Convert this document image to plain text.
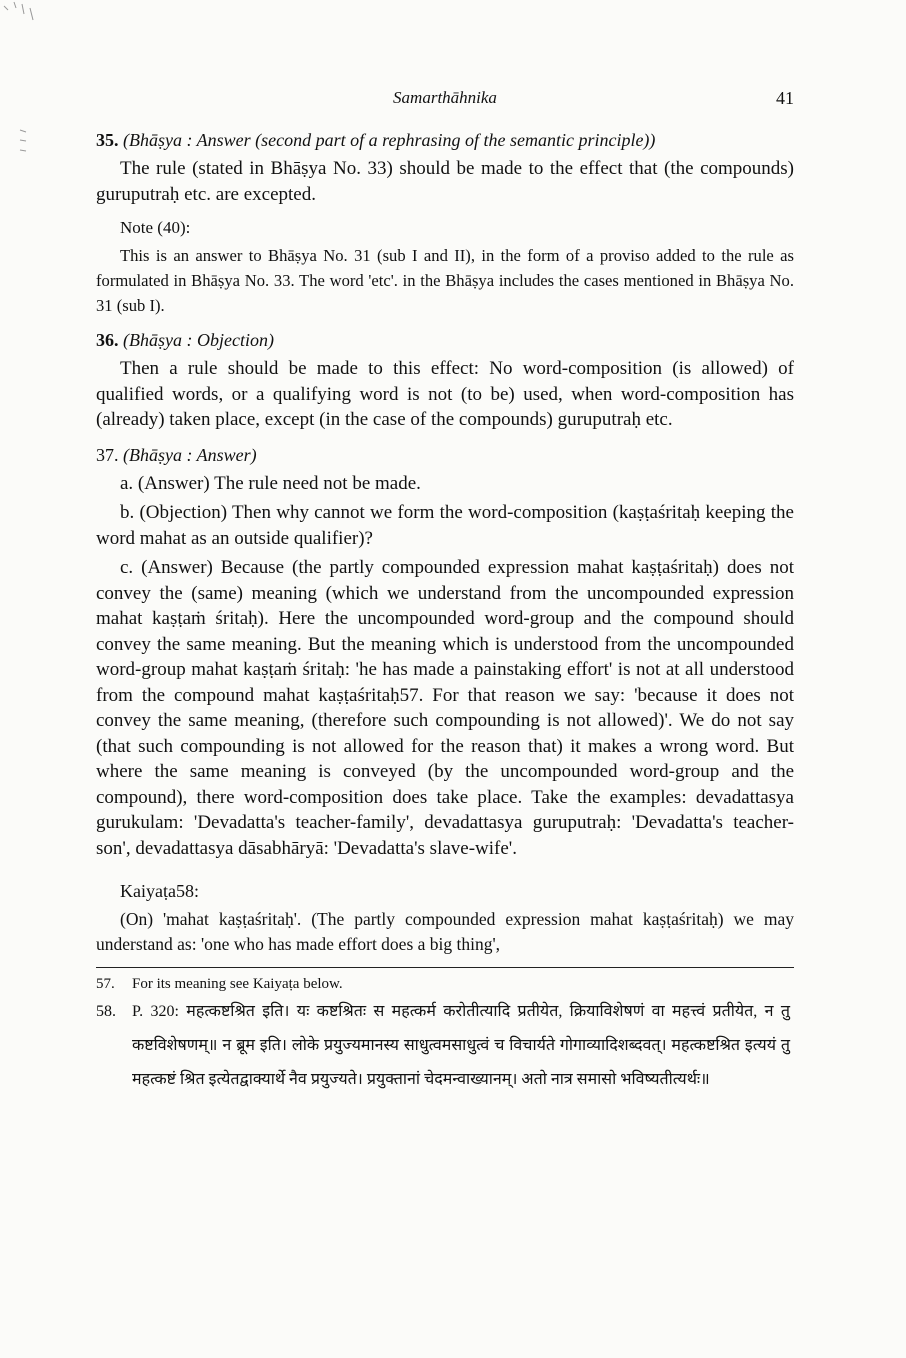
Samarthāhnika	41
35. (Bhāṣya : Answer (second part of a rephrasing of the semantic principle))

The rule (stated in Bhāṣya No. 33) should be made to the effect that (the compounds) guruputraḥ etc. are excepted.

Note (40):

This is an answer to Bhāṣya No. 31 (sub I and II), in the form of a proviso added to the rule as formulated in Bhāṣya No. 33. The word 'etc'. in the Bhāṣya includes the cases mentioned in Bhāṣya No. 31 (sub I).

36. (Bhāṣya : Objection)

Then a rule should be made to this effect: No word-composition (is allowed) of qualified words, or a qualifying word is not (to be) used, when word-composition has (already) taken place, except (in the case of the compounds) guruputraḥ etc.

37. (Bhāṣya : Answer)

a. (Answer) The rule need not be made.

b. (Objection) Then why cannot we form the word-composition (kaṣṭaśritaḥ keeping the word mahat as an outside qualifier)?

c. (Answer) Because (the partly compounded expression mahat kaṣṭaśritaḥ) does not convey the (same) meaning (which we understand from the uncompounded expression mahat kaṣṭaṁ śritaḥ). Here the uncompounded word-group and the compound should convey the same meaning. But the meaning which is understood from the uncompounded word-group mahat kaṣṭaṁ śritaḥ: 'he has made a painstaking effort' is not at all understood from the compound mahat kaṣṭaśritaḥ57. For that reason we say: 'because it does not convey the same meaning, (therefore such compounding is not allowed)'. We do not say (that such compounding is not allowed for the reason that) it makes a wrong word. But where the same meaning is conveyed (by the uncompounded word-group and the compound), there word-composition does take place. Take the examples: devadattasya gurukulam: 'Devadatta's teacher-family', devadattasya guruputraḥ: 'Devadatta's teacher-son', devadattasya dāsabhāryā: 'Devadatta's slave-wife'.

Kaiyaṭa58:

(On) 'mahat kaṣṭaśritaḥ'. (The partly compounded expression mahat kaṣṭaśritaḥ) we may understand as: 'one who has made effort does a big thing',

57. For its meaning see Kaiyaṭa below.

58. P. 320: महत्कष्टश्रित इति। यः कष्टश्रितः स महत्कर्म करोतीत्यादि प्रतीयेत, क्रियाविशेषणं वा महत्त्वं प्रतीयेत, न तु कष्टविशेषणम्॥ न ब्रूम इति। लोके प्रयुज्यमानस्य साधुत्वमसाधुत्वं च विचार्यते गोगाव्यादिशब्दवत्। महत्कष्टश्रित इत्ययं तु महत्कष्टं श्रित इत्येतद्वाक्यार्थे नैव प्रयुज्यते। प्रयुक्तानां चेदमन्वाख्यानम्। अतो नात्र समासो भविष्यतीत्यर्थः॥
